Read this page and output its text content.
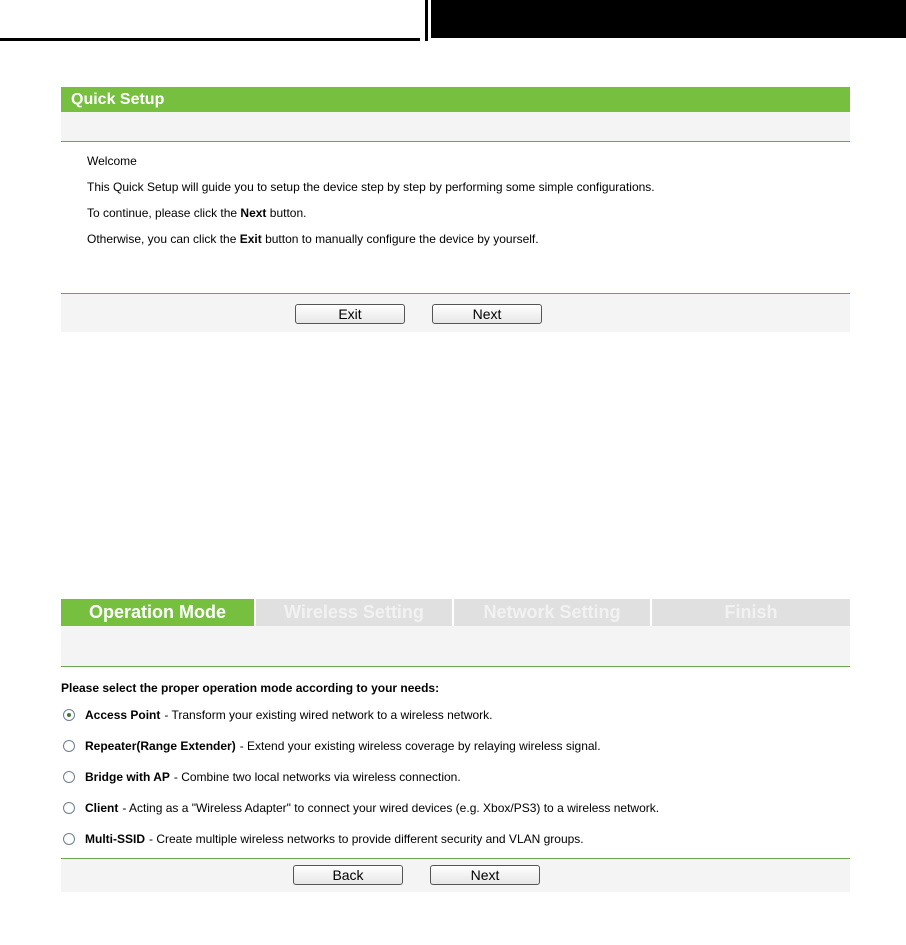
Quick Setup

Welcome

This Quick Setup will guide you to setup the device step by step by performing some simple configurations.

To continue, please click the Next button.

Otherwise, you can click the Exit button to manually configure the device by yourself.

Exit	Next
Operation Mode	Wireless Setting	Network Setting	Finish

Please select the proper operation mode according to your needs:

Access Point - Transform your existing wired network to a wireless network.
Repeater(Range Extender) - Extend your existing wireless coverage by relaying wireless signal.
Bridge with AP - Combine two local networks via wireless connection.
Client - Acting as a "Wireless Adapter" to connect your wired devices (e.g. Xbox/PS3) to a wireless network.
Multi-SSID - Create multiple wireless networks to provide different security and VLAN groups.
Back	Next
